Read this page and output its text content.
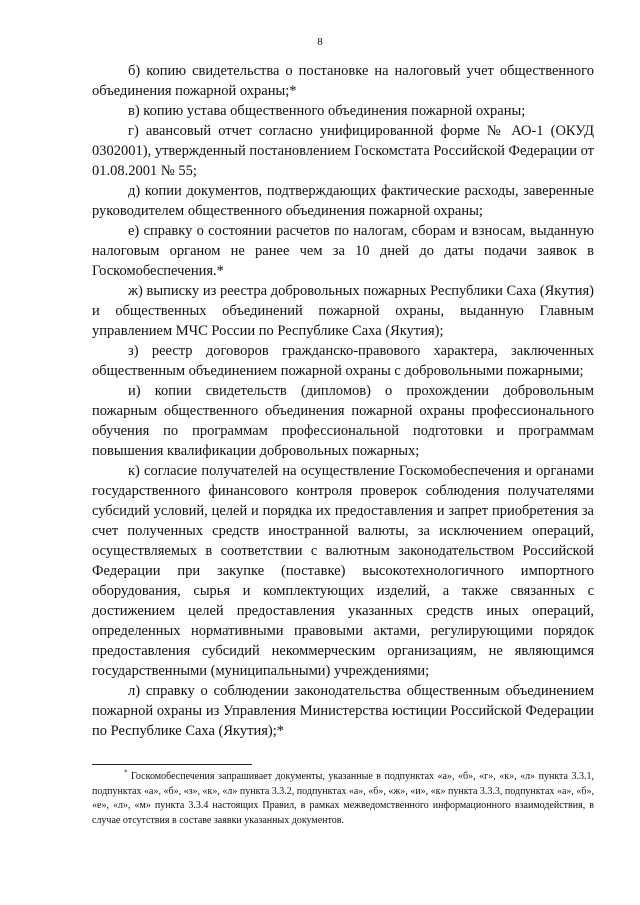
8

б) копию свидетельства о постановке на налоговый учет общественного объединения пожарной охраны;*

в) копию устава общественного объединения пожарной охраны;

г) авансовый отчет согласно унифицированной форме № АО-1 (ОКУД 0302001), утвержденный постановлением Госкомстата Российской Федерации от 01.08.2001 № 55;

д) копии документов, подтверждающих фактические расходы, заверенные руководителем общественного объединения пожарной охраны;

е) справку о состоянии расчетов по налогам, сборам и взносам, выданную налоговым органом не ранее чем за 10 дней до даты подачи заявок в Госкомобеспечения.*

ж) выписку из реестра добровольных пожарных Республики Саха (Якутия) и общественных объединений пожарной охраны, выданную Главным управлением МЧС России по Республике Саха (Якутия);

з) реестр договоров гражданско-правового характера, заключенных общественным объединением пожарной охраны с добровольными пожарными;

и) копии свидетельств (дипломов) о прохождении добровольным пожарным общественного объединения пожарной охраны профессионального обучения по программам профессиональной подготовки и программам повышения квалификации добровольных пожарных;

к) согласие получателей на осуществление Госкомобеспечения и органами государственного финансового контроля проверок соблюдения получателями субсидий условий, целей и порядка их предоставления и запрет приобретения за счет полученных средств иностранной валюты, за исключением операций, осуществляемых в соответствии с валютным законодательством Российской Федерации при закупке (поставке) высокотехнологичного импортного оборудования, сырья и комплектующих изделий, а также связанных с достижением целей предоставления указанных средств иных операций, определенных нормативными правовыми актами, регулирующими порядок предоставления субсидий некоммерческим организациям, не являющимся государственными (муниципальными) учреждениями;

л) справку о соблюдении законодательства общественным объединением пожарной охраны из Управления Министерства юстиции Российской Федерации по Республике Саха (Якутия);*

* Госкомобеспечения запрашивает документы, указанные в подпунктах «а», «б», «г», «к», «л» пункта 3.3.1, подпунктах «а», «б», «з», «к», «л» пункта 3.3.2, подпунктах «а», «б», «ж», «и», «к» пункта 3.3.3, подпунктах «а», «б», «е», «л», «м» пункта 3.3.4 настоящих Правил, в рамках межведомственного информационного взаимодействия, в случае отсутствия в составе заявки указанных документов.
